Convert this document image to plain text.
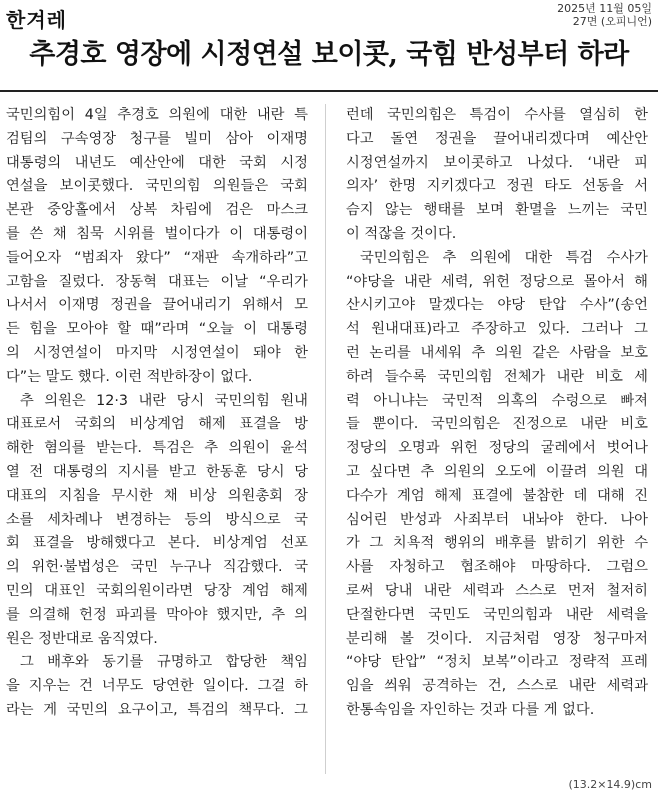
한겨레	2025년 11월 05일
27면 (오피니언)
추경호 영장에 시정연설 보이콧, 국힘 반성부터 하라
국민의힘이 4일 추경호 의원에 대한 내란 특
검팀의 구속영장 청구를 빌미 삼아 이재명
대통령의 내년도 예산안에 대한 국회 시정
연설을 보이콧했다. 국민의힘 의원들은 국회
본관 중앙홀에서 상복 차림에 검은 마스크
를 쓴 채 침묵 시위를 벌이다가 이 대통령이
들어오자 “범죄자 왔다” “재판 속개하라”고
고함을 질렀다. 장동혁 대표는 이날 “우리가
나서서 이재명 정권을 끌어내리기 위해서 모
든 힘을 모아야 할 때”라며 “오늘 이 대통령
의 시정연설이 마지막 시정연설이 돼야 한
다”는 말도 했다. 이런 적반하장이 없다.
추 의원은 12·3 내란 당시 국민의힘 원내
대표로서 국회의 비상계엄 해제 표결을 방
해한 혐의를 받는다. 특검은 추 의원이 윤석
열 전 대통령의 지시를 받고 한동훈 당시 당
대표의 지침을 무시한 채 비상 의원총회 장
소를 세차례나 변경하는 등의 방식으로 국
회 표결을 방해했다고 본다. 비상계엄 선포
의 위헌·불법성은 국민 누구나 직감했다. 국
민의 대표인 국회의원이라면 당장 계엄 해제
를 의결해 헌정 파괴를 막아야 했지만, 추 의
원은 정반대로 움직였다.
그 배후와 동기를 규명하고 합당한 책임
을 지우는 건 너무도 당연한 일이다. 그걸 하
라는 게 국민의 요구이고, 특검의 책무다. 그
런데 국민의힘은 특검이 수사를 열심히 한
다고 돌연 정권을 끌어내리겠다며 예산안
시정연설까지 보이콧하고 나섰다. ‘내란 피
의자’ 한명 지키겠다고 정권 타도 선동을 서
슴지 않는 행태를 보며 환멸을 느끼는 국민
이 적잖을 것이다.
국민의힘은 추 의원에 대한 특검 수사가
“야당을 내란 세력, 위헌 정당으로 몰아서 해
산시키고야 말겠다는 야당 탄압 수사”(송언
석 원내대표)라고 주장하고 있다. 그러나 그
런 논리를 내세워 추 의원 같은 사람을 보호
하려 들수록 국민의힘 전체가 내란 비호 세
력 아니냐는 국민적 의혹의 수렁으로 빠져
들 뿐이다. 국민의힘은 진정으로 내란 비호
정당의 오명과 위헌 정당의 굴레에서 벗어나
고 싶다면 추 의원의 오도에 이끌려 의원 대
다수가 계엄 해제 표결에 불참한 데 대해 진
심어린 반성과 사죄부터 내놔야 한다. 나아
가 그 치욕적 행위의 배후를 밝히기 위한 수
사를 자청하고 협조해야 마땅하다. 그럼으
로써 당내 내란 세력과 스스로 먼저 철저히
단절한다면 국민도 국민의힘과 내란 세력을
분리해 볼 것이다. 지금처럼 영장 청구마저
“야당 탄압” “정치 보복”이라고 정략적 프레
임을 씌워 공격하는 건, 스스로 내란 세력과
한통속임을 자인하는 것과 다를 게 없다.
(13.2×14.9)cm
